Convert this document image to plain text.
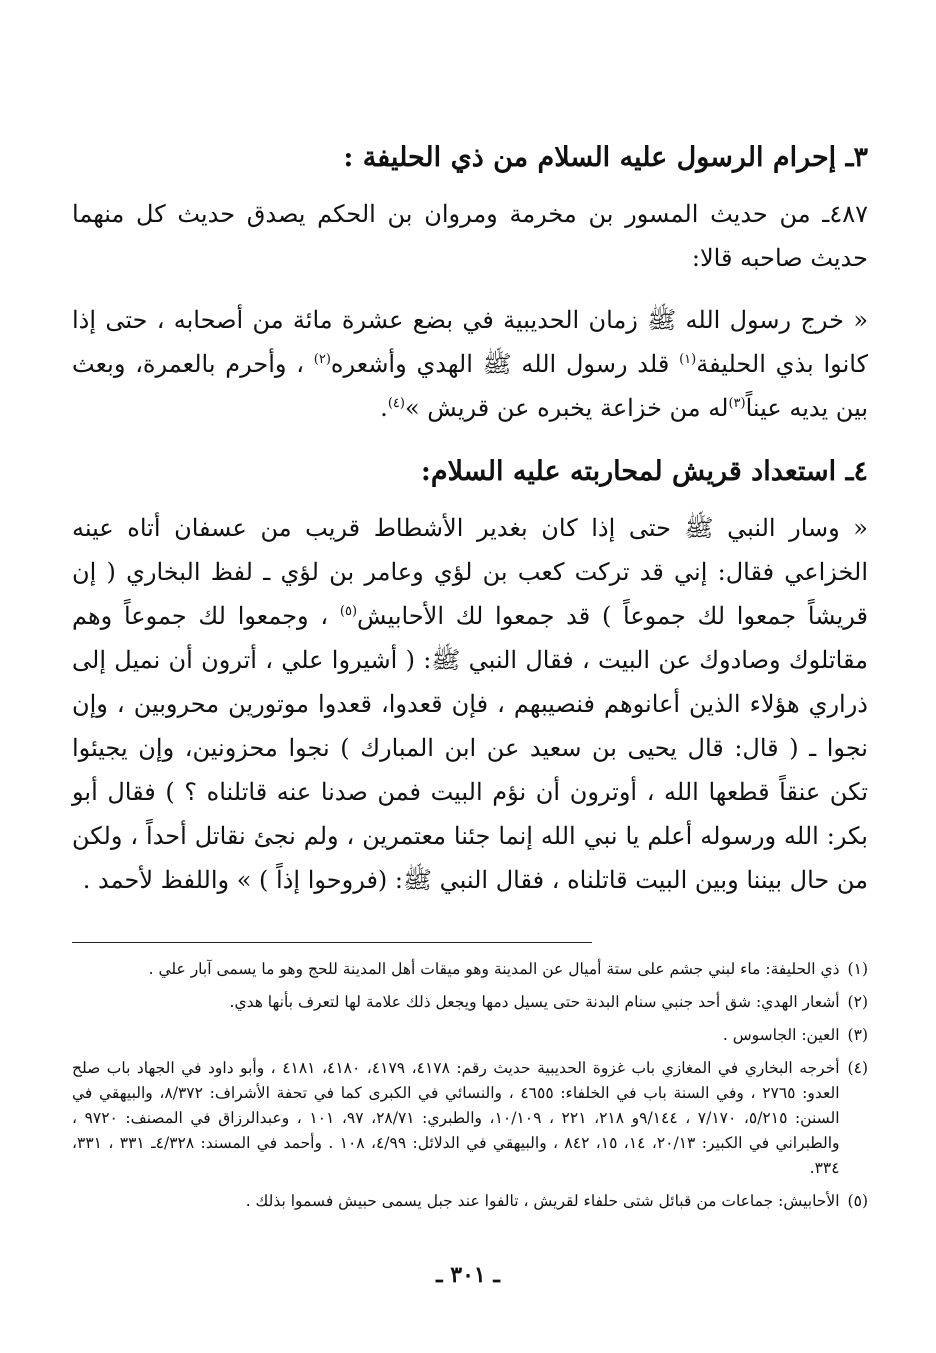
٣ـ إحرام الرسول عليه السلام من ذي الحليفة :

٤٨٧ـ من حديث المسور بن مخرمة ومروان بن الحكم يصدق حديث كل منهما حديث صاحبه قالا:

« خرج رسول الله ﷺ زمان الحديبية في بضع عشرة مائة من أصحابه ، حتى إذا كانوا بذي الحليفة$^{(١)}$ قلد رسول الله ﷺ الهدي وأشعره$^{(٢)}$ ، وأحرم بالعمرة، وبعث بين يديه عيناً$^{(٣)}$له من خزاعة يخبره عن قريش »$^{(٤)}$.

٤ـ استعداد قريش لمحاربته عليه السلام:

« وسار النبي ﷺ حتى إذا كان بغدير الأشطاط قريب من عسفان أتاه عينه الخزاعي فقال: إني قد تركت كعب بن لؤي وعامر بن لؤي ـ لفظ البخاري ( إن قريشاً جمعوا لك جموعاً ) قد جمعوا لك الأحابيش$^{(٥)}$ ، وجمعوا لك جموعاً وهم مقاتلوك وصادوك عن البيت ، فقال النبي ﷺ: ( أشيروا علي ، أترون أن نميل إلى ذراري هؤلاء الذين أعانوهم فنصيبهم ، فإن قعدوا، قعدوا موتورين محروبين ، وإن نجوا ـ ( قال: قال يحيى بن سعيد عن ابن المبارك ) نجوا محزونين، وإن يجيئوا تكن عنقاً قطعها الله ، أوترون أن نؤم البيت فمن صدنا عنه قاتلناه ؟ ) فقال أبو بكر: الله ورسوله أعلم يا نبي الله إنما جئنا معتمرين ، ولم نجئ نقاتل أحداً ، ولكن من حال بيننا وبين البيت قاتلناه ، فقال النبي ﷺ: (فروحوا إذاً ) » واللفظ لأحمد .

(١)
ذي الحليفة: ماء لبني جشم على ستة أميال عن المدينة وهو ميقات أهل المدينة للحج وهو ما يسمى آبار علي .
(٢)
أشعار الهدي: شق أحد جنبي سنام البدنة حتى يسيل دمها ويجعل ذلك علامة لها لتعرف بأنها هدي.
(٣)
العين: الجاسوس .
(٤)
أخرجه البخاري في المغازي باب غزوة الحديبية حديث رقم: ٤١٧٨، ٤١٧٩، ٤١٨٠، ٤١٨١ ، وأبو داود في الجهاد باب صلح العدو: ٢٧٦٥ ، وفي السنة باب في الخلفاء: ٤٦٥٥ ، والنسائي في الكبرى كما في تحفة الأشراف: ٨/٣٧٢، والبيهقي في السنن: ٥/٢١٥، ٧/١٧٠ ، ٩/١٤٤و ٢١٨، ٢٢١ ، ١٠/١٠٩، والطبري: ٢٨/٧١، ٩٧، ١٠١ ، وعبدالرزاق في المصنف: ٩٧٢٠ ، والطبراني في الكبير: ٢٠/١٣، ١٤، ١٥، ٨٤٢ ، والبيهقي في الدلائل: ٤/٩٩، ١٠٨ . وأحمد في المسند: ٤/٣٢٨ـ ٣٣١ ، ٣٣١، ٣٣٤.
(٥)
الأحابيش: جماعات من قبائل شتى حلفاء لقريش ، تالفوا عند جبل يسمى حبيش فسموا بذلك .
ـ ٣٠١ ـ
